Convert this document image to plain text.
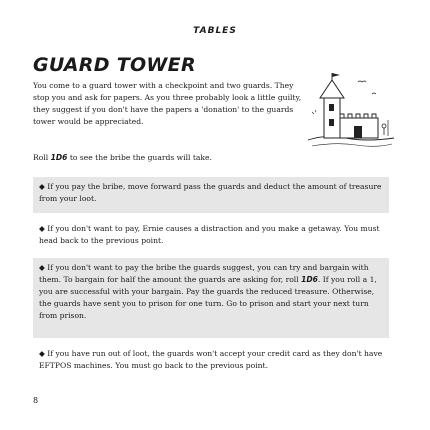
TABLES
GUARD TOWER

You come to a guard tower with a checkpoint and two guards. They stop you and ask for papers. As you three probably look a little guilty, they suggest if you don't have the papers a 'donation' to the guards tower would be appreciated.

Roll 1D6 to see the bribe the guards will take.

◆ If you pay the bribe, move forward pass the guards and deduct the amount of treasure from your loot.
◆ If you don't want to pay, Ernie causes a distraction and you make a getaway. You must head back to the previous point.
◆ If you don't want to pay the bribe the guards suggest, you can try and bargain with them. To bargain for half the amount the guards are asking for, roll 1D6. If you roll a 1, you are successful with your bargain. Pay the guards the reduced treasure. Otherwise, the guards have sent you to prison for one turn. Go to prison and start your next turn from prison.
◆ If you have run out of loot, the guards won't accept your credit card as they don't have EFTPOS machines. You must go back to the previous point.
8
